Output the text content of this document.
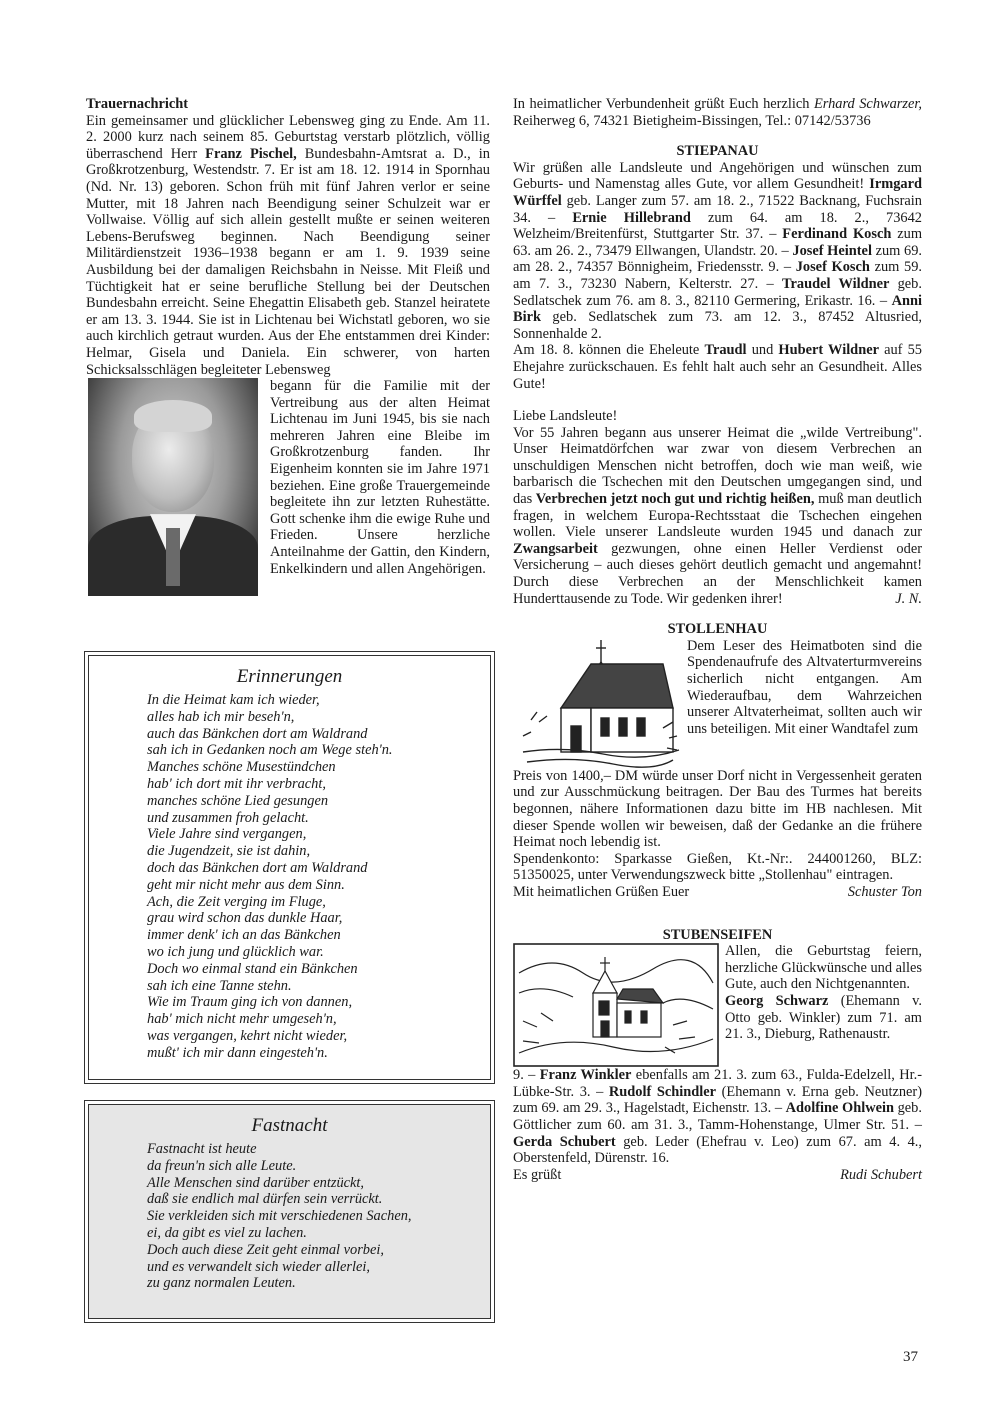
Trauernachricht

Ein gemeinsamer und glücklicher Lebensweg ging zu Ende. Am 11. 2. 2000 kurz nach seinem 85. Geburtstag verstarb plötzlich, völlig überraschend Herr Franz Pischel, Bundesbahn-Amtsrat a. D., in Großkrotzenburg, Westendstr. 7. Er ist am 18. 12. 1914 in Spornhau (Nd. Nr. 13) geboren. Schon früh mit fünf Jahren verlor er seine Mutter, mit 18 Jahren nach Beendigung seiner Schulzeit war er Vollwaise. Völlig auf sich allein gestellt mußte er seinen weiteren Lebens-Berufsweg beginnen. Nach Beendigung seiner Militärdienstzeit 1936–1938 begann er am 1. 9. 1939 seine Ausbildung bei der damaligen Reichsbahn in Neisse. Mit Fleiß und Tüchtigkeit hat er seine berufliche Stellung bei der Deutschen Bundesbahn erreicht. Seine Ehegattin Elisabeth geb. Stanzel heiratete er am 13. 3. 1944. Sie ist in Lichtenau bei Wichstatl geboren, wo sie auch kirchlich getraut wurden. Aus der Ehe entstammen drei Kinder: Helmar, Gisela und Daniela. Ein schwerer, von harten Schicksalsschlägen begleiteter Lebensweg

begann für die Familie mit der Vertreibung aus der alten Heimat Lichtenau im Juni 1945, bis sie nach mehreren Jahren eine Bleibe im Großkrotzenburg fanden. Ihr Eigenheim konnten sie im Jahre 1971 beziehen. Eine große Trauergemeinde begleitete ihn zur letzten Ruhestätte. Gott schenke ihm die ewige Ruhe und Frieden. Unsere herzliche Anteilnahme der Gattin, den Kindern, Enkelkindern und allen Angehörigen.

Erinnerungen
In die Heimat kam ich wieder,
alles hab ich mir beseh'n,
auch das Bänkchen dort am Waldrand
sah ich in Gedanken noch am Wege steh'n.
Manches schöne Musestündchen
hab' ich dort mit ihr verbracht,
manches schöne Lied gesungen
und zusammen froh gelacht.
Viele Jahre sind vergangen,
die Jugendzeit, sie ist dahin,
doch das Bänkchen dort am Waldrand
geht mir nicht mehr aus dem Sinn.
Ach, die Zeit verging im Fluge,
grau wird schon das dunkle Haar,
immer denk' ich an das Bänkchen
wo ich jung und glücklich war.
Doch wo einmal stand ein Bänkchen
sah ich eine Tanne stehn.
Wie im Traum ging ich von dannen,
hab' mich nicht mehr umgeseh'n,
was vergangen, kehrt nicht wieder,
mußt' ich mir dann eingesteh'n.
Fastnacht
Fastnacht ist heute
da freun'n sich alle Leute.
Alle Menschen sind darüber entzückt,
daß sie endlich mal dürfen sein verrückt.
Sie verkleiden sich mit verschiedenen Sachen,
ei, da gibt es viel zu lachen.
Doch auch diese Zeit geht einmal vorbei,
und es verwandelt sich wieder allerlei,
zu ganz normalen Leuten.

In heimatlicher Verbundenheit grüßt Euch herzlich Erhard Schwarzer, Reiherweg 6, 74321 Bietigheim-Bissingen, Tel.: 07142/53736

STIEPANAU

Wir grüßen alle Landsleute und Angehörigen und wünschen zum Geburts- und Namenstag alles Gute, vor allem Gesundheit! Irmgard Würffel geb. Langer zum 57. am 18. 2., 71522 Backnang, Fuchsrain 34. – Ernie Hillebrand zum 64. am 18. 2., 73642 Welzheim/Breitenfürst, Stuttgarter Str. 37. – Ferdinand Kosch zum 63. am 26. 2., 73479 Ellwangen, Ulandstr. 20. – Josef Heintel zum 69. am 28. 2., 74357 Bönnigheim, Friedensstr. 9. – Josef Kosch zum 59. am 7. 3., 73230 Nabern, Kelterstr. 27. – Traudel Wildner geb. Sedlatschek zum 76. am 8. 3., 82110 Germering, Erikastr. 16. – Anni Birk geb. Sedlatschek zum 73. am 12. 3., 87452 Altusried, Sonnenhalde 2.

Am 18. 8. können die Eheleute Traudl und Hubert Wildner auf 55 Ehejahre zurückschauen. Es fehlt halt auch sehr an Gesundheit. Alles Gute!

Liebe Landsleute!

Vor 55 Jahren begann aus unserer Heimat die „wilde Vertreibung". Unser Heimatdörfchen war zwar von diesem Verbrechen an unschuldigen Menschen nicht betroffen, doch wie man weiß, wie barbarisch die Tschechen mit den Deutschen umgegangen sind, und das Verbrechen jetzt noch gut und richtig heißen, muß man deutlich fragen, in welchem Europa-Rechtsstaat die Tschechen eingehen wollen. Viele unserer Landsleute wurden 1945 und danach zur Zwangsarbeit gezwungen, ohne einen Heller Verdienst oder Versicherung – auch dieses gehört deutlich gemacht und angemahnt! Durch diese Verbrechen an der Menschlichkeit kamen Hunderttausende zu Tode. Wir gedenken ihrer!	J. N.

STOLLENHAU

Dem Leser des Heimatboten sind die Spendenaufrufe des Altvaterturmvereins sicherlich nicht entgangen. Am Wiederaufbau, dem Wahrzeichen unserer Altvaterheimat, sollten auch wir uns beteiligen. Mit einer Wandtafel zum

Preis von 1400,– DM würde unser Dorf nicht in Vergessenheit geraten und zur Ausschmückung beitragen. Der Bau des Turmes hat bereits begonnen, nähere Informationen dazu bitte im HB nachlesen. Mit dieser Spende wollen wir beweisen, daß der Gedanke an die frühere Heimat noch lebendig ist.

Spendenkonto: Sparkasse Gießen, Kt.-Nr:. 244001260, BLZ: 51350025, unter Verwendungszweck bitte „Stollenhau" eintragen.

Mit heimatlichen Grüßen Euer	Schuster Ton

STUBENSEIFEN

Allen, die Geburtstag feiern, herzliche Glückwünsche und alles Gute, auch den Nichtgenannten.
Georg Schwarz (Ehemann v. Otto geb. Winkler) zum 71. am 21. 3., Dieburg, Rathenaustr.

9. – Franz Winkler ebenfalls am 21. 3. zum 63., Fulda-Edelzell, Hr.-Lübke-Str. 3. – Rudolf Schindler (Ehemann v. Erna geb. Neutzner) zum 69. am 29. 3., Hagelstadt, Eichenstr. 13. – Adolfine Ohlwein geb. Göttlicher zum 60. am 31. 3., Tamm-Hohenstange, Ulmer Str. 51. – Gerda Schubert geb. Leder (Ehefrau v. Leo) zum 67. am 4. 4., Oberstenfeld, Dürenstr. 16.

Es grüßt	Rudi Schubert
37
